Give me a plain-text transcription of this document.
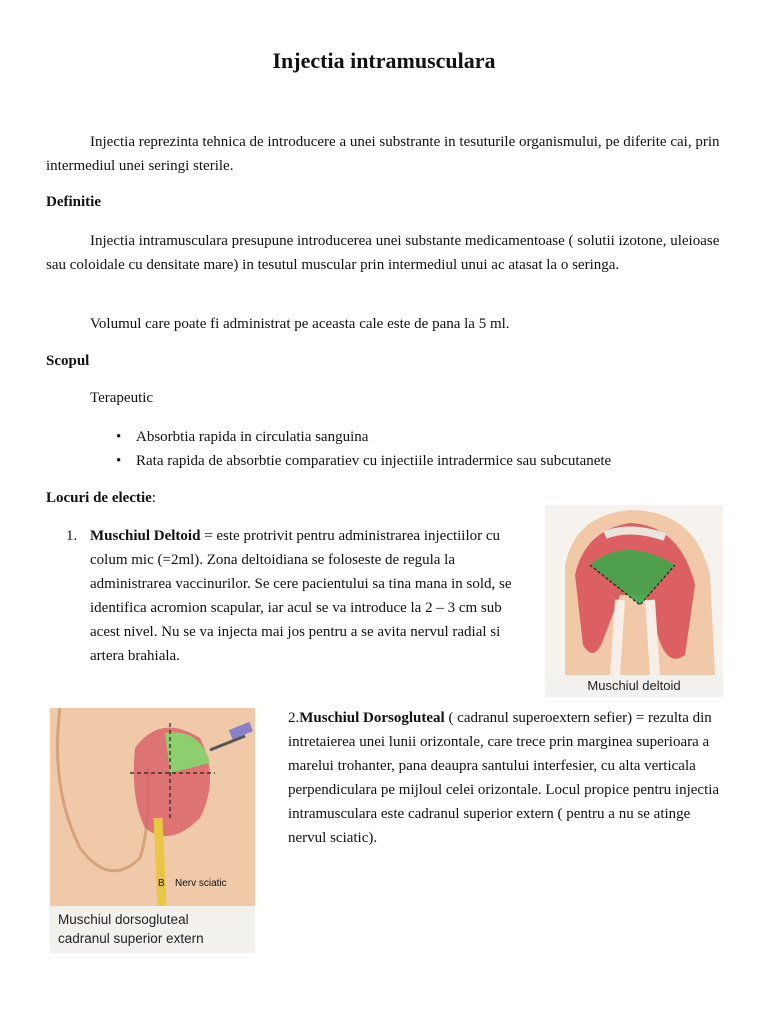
Injectia intramusculara

Injectia reprezinta tehnica de introducere a unei substrante in tesuturile organismului, pe diferite cai, prin intermediul unei seringi sterile.

Definitie

Injectia intramusculara presupune introducerea unei substante medicamentoase ( solutii izotone, uleioase sau coloidale cu densitate mare) in tesutul muscular prin intermediul unui ac atasat la o seringa.

Volumul care poate fi administrat pe aceasta cale este de pana la 5 ml.

Scopul
Terapeutic
• Absorbtia rapida in circulatia sanguina
• Rata rapida de absorbtie comparatiev cu injectiile intradermice sau subcutanete
Locuri de electie:
1. Muschiul Deltoid = este protrivit pentru administrarea injectiilor cu colum mic (=2ml). Zona deltoidiana se foloseste de regula la administrarea vaccinurilor. Se cere pacientului sa tina mana in sold, se identifica acromion scapular, iar acul se va introduce la 2 – 3 cm sub acest nivel. Nu se va injecta mai jos pentru a se avita nervul radial si artera brahiala.

Muschiul deltoid
B Nerv sciatic
Muschiul dorsogluteal
cadranul superior extern

2.Muschiul Dorsogluteal ( cadranul superoextern sefier) = rezulta din intretaierea unei lunii orizontale, care trece prin marginea superioara a marelui trohanter, pana deaupra santului interfesier, cu alta verticala perpendiculara pe mijloul celei orizontale. Locul propice pentru injectia intramusculara este cadranul superior extern ( pentru a nu se atinge nervul sciatic).
